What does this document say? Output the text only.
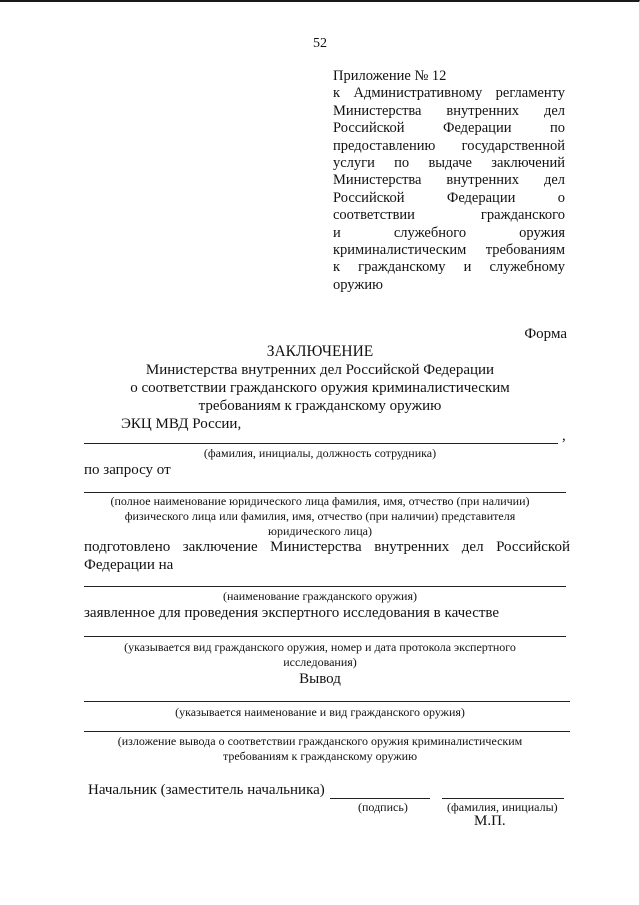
52
Приложение № 12
к Административному регламенту
Министерства внутренних дел
Российской Федерации по
предоставлению государственной
услуги по выдаче заключений
Министерства внутренних дел
Российской Федерации о
соответствии гражданского
и служебного оружия
криминалистическим требованиям
к гражданскому и служебному
оружию
Форма
ЗАКЛЮЧЕНИЕ
Министерства внутренних дел Российской Федерации
о соответствии гражданского оружия криминалистическим
требованиям к гражданскому оружию
ЭКЦ МВД России,
,
(фамилия, инициалы, должность сотрудника)
по запросу от
(полное наименование юридического лица фамилия, имя, отчество (при наличии)
физического лица или фамилия, имя, отчество (при наличии) представителя
юридического лица)
подготовлено заключение Министерства внутренних дел Российской
Федерации на
(наименование гражданского оружия)
заявленное для проведения экспертного исследования в качестве
(указывается вид гражданского оружия, номер и дата протокола экспертного
исследования)
Вывод
(указывается наименование и вид гражданского оружия)
(изложение вывода о соответствии гражданского оружия криминалистическим
требованиям к гражданскому оружию
Начальник (заместитель начальника)
(подпись)	(фамилия, инициалы)
М.П.
